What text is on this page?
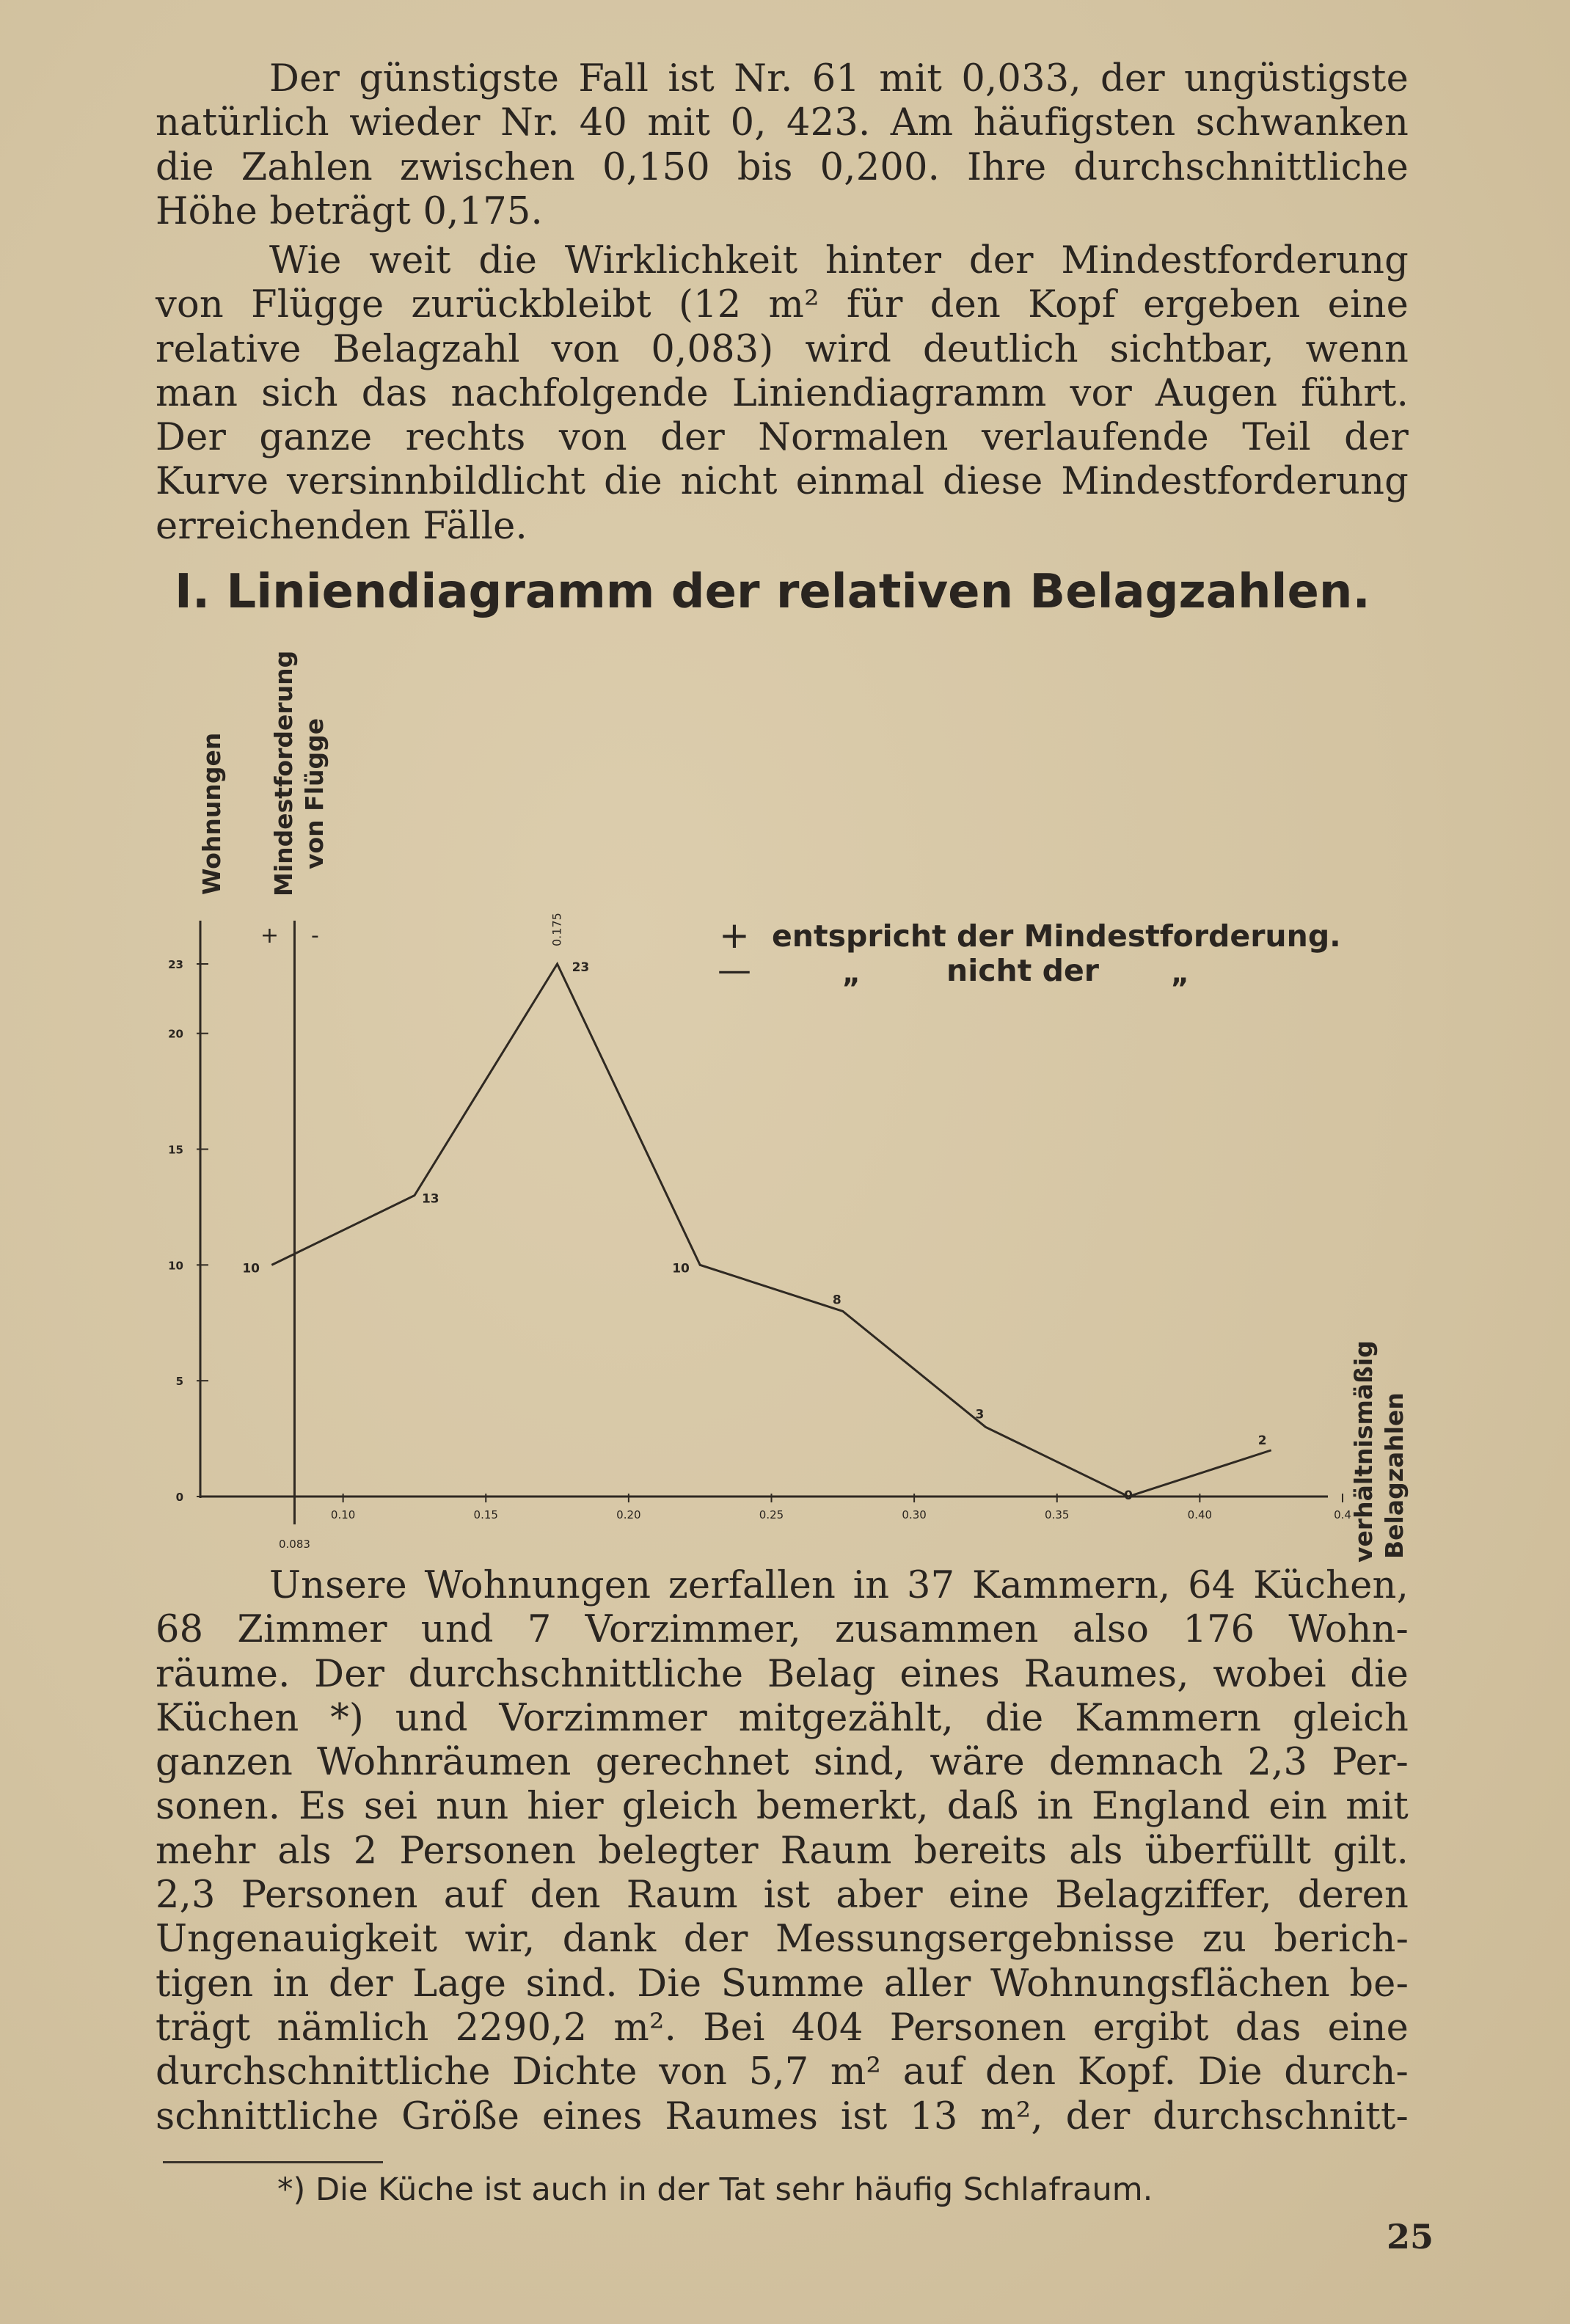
Der günstigste Fall ist Nr. 61 mit 0,033, der ungüstigste
natürlich wieder Nr. 40 mit 0, 423. Am häufigsten schwanken
die Zahlen zwischen 0,150 bis 0,200. Ihre durchschnittliche
Höhe beträgt 0,175.
Wie weit die Wirklichkeit hinter der Mindestforderung
von Flügge zurückbleibt (12 m² für den Kopf ergeben eine
relative Belagzahl von 0,083) wird deutlich sichtbar, wenn
man sich das nachfolgende Liniendiagramm vor Augen führt.
Der ganze rechts von der Normalen verlaufende Teil der
Kurve versinnbildlicht die nicht einmal diese Mindestforderung
erreichenden Fälle.
I. Liniendiagramm der relativen Belagzahlen.
0
5
10
15
20
23
0.10	0.15	0.20	0.25	0.30	0.35	0.40	0.4
0.083
+ -	0.175
10
13
23
10
8
3
0
2
Wohnungen Mindestforderung von Flügge
verhältnismäßig Belagzahlen
+ entspricht der Mindestforderung.
—	„	nicht der	„
Unsere Wohnungen zerfallen in 37 Kammern, 64 Küchen,
68 Zimmer und 7 Vorzimmer, zusammen also 176 Wohn-
räume. Der durchschnittliche Belag eines Raumes, wobei die
Küchen *) und Vorzimmer mitgezählt, die Kammern gleich
ganzen Wohnräumen gerechnet sind, wäre demnach 2,3 Per-
sonen. Es sei nun hier gleich bemerkt, daß in England ein mit
mehr als 2 Personen belegter Raum bereits als überfüllt gilt.
2,3 Personen auf den Raum ist aber eine Belagziffer, deren
Ungenauigkeit wir, dank der Messungsergebnisse zu berich-
tigen in der Lage sind. Die Summe aller Wohnungsflächen be-
trägt nämlich 2290,2 m². Bei 404 Personen ergibt das eine
durchschnittliche Dichte von 5,7 m² auf den Kopf. Die durch-
schnittliche Größe eines Raumes ist 13 m², der durchschnitt-
*) Die Küche ist auch in der Tat sehr häufig Schlafraum.
25
